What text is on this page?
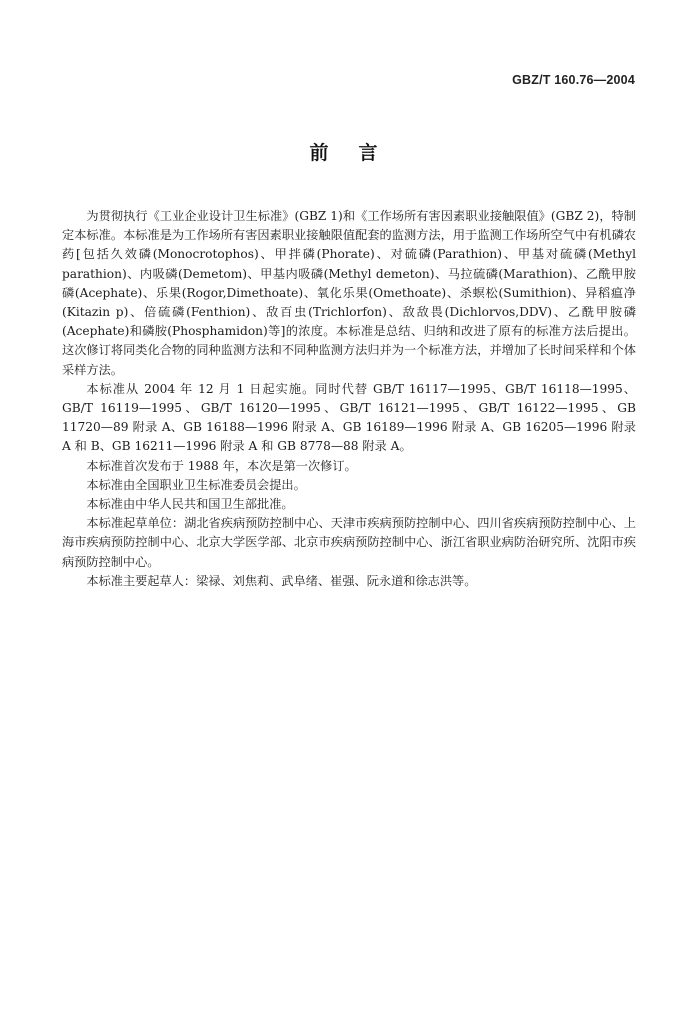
GBZ/T 160.76—2004
前言

为贯彻执行《工业企业设计卫生标准》(GBZ 1)和《工作场所有害因素职业接触限值》(GBZ 2)，特制定本标准。本标准是为工作场所有害因素职业接触限值配套的监测方法，用于监测工作场所空气中有机磷农药[包括久效磷(Monocrotophos)、甲拌磷(Phorate)、对硫磷(Parathion)、甲基对硫磷(Methyl parathion)、内吸磷(Demetom)、甲基内吸磷(Methyl demeton)、马拉硫磷(Marathion)、乙酰甲胺磷(Acephate)、乐果(Rogor,Dimethoate)、氧化乐果(Omethoate)、杀螟松(Sumithion)、异稻瘟净(Kitazin p)、倍硫磷(Fenthion)、敌百虫(Trichlorfon)、敌敌畏(Dichlorvos,DDV)、乙酰甲胺磷(Acephate)和磷胺(Phosphamidon)等]的浓度。本标准是总结、归纳和改进了原有的标准方法后提出。这次修订将同类化合物的同种监测方法和不同种监测方法归并为一个标准方法，并增加了长时间采样和个体采样方法。

本标准从 2004 年 12 月 1 日起实施。同时代替 GB/T 16117—1995、GB/T 16118—1995、GB/T 16119—1995、GB/T 16120—1995、GB/T 16121—1995、GB/T 16122—1995、GB 11720—89 附录 A、GB 16188—1996 附录 A、GB 16189—1996 附录 A、GB 16205—1996 附录 A 和 B、GB 16211—1996 附录 A 和 GB 8778—88 附录 A。

本标准首次发布于 1988 年，本次是第一次修订。

本标准由全国职业卫生标准委员会提出。

本标准由中华人民共和国卫生部批准。

本标准起草单位：湖北省疾病预防控制中心、天津市疾病预防控制中心、四川省疾病预防控制中心、上海市疾病预防控制中心、北京大学医学部、北京市疾病预防控制中心、浙江省职业病防治研究所、沈阳市疾病预防控制中心。

本标准主要起草人：梁禄、刘焦莉、武阜绪、崔强、阮永道和徐志洪等。
